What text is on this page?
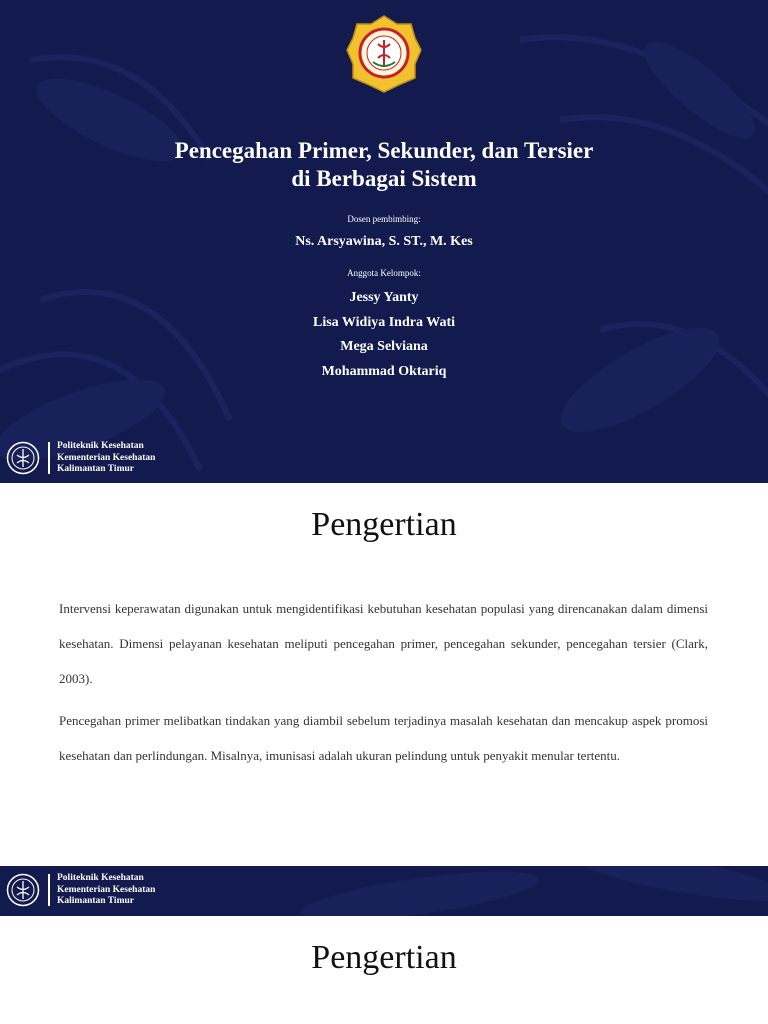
Pencegahan Primer, Sekunder, dan Tersier
di Berbagai Sistem
Dosen pembimbing:
Ns. Arsyawina, S. ST., M. Kes
Anggota Kelompok:
Jessy Yanty
Lisa Widiya Indra Wati
Mega Selviana
Mohammad Oktariq
Politeknik Kesehatan
Kementerian Kesehatan
Kalimantan Timur
Pengertian

Intervensi keperawatan digunakan untuk mengidentifikasi kebutuhan kesehatan populasi yang direncanakan dalam dimensi kesehatan. Dimensi pelayanan kesehatan meliputi pencegahan primer, pencegahan sekunder, pencegahan tersier (Clark, 2003).

Pencegahan primer melibatkan tindakan yang diambil sebelum terjadinya masalah kesehatan dan mencakup aspek promosi kesehatan dan perlindungan. Misalnya, imunisasi adalah ukuran pelindung untuk penyakit menular tertentu.

Politeknik Kesehatan
Kementerian Kesehatan
Kalimantan Timur
Pengertian
